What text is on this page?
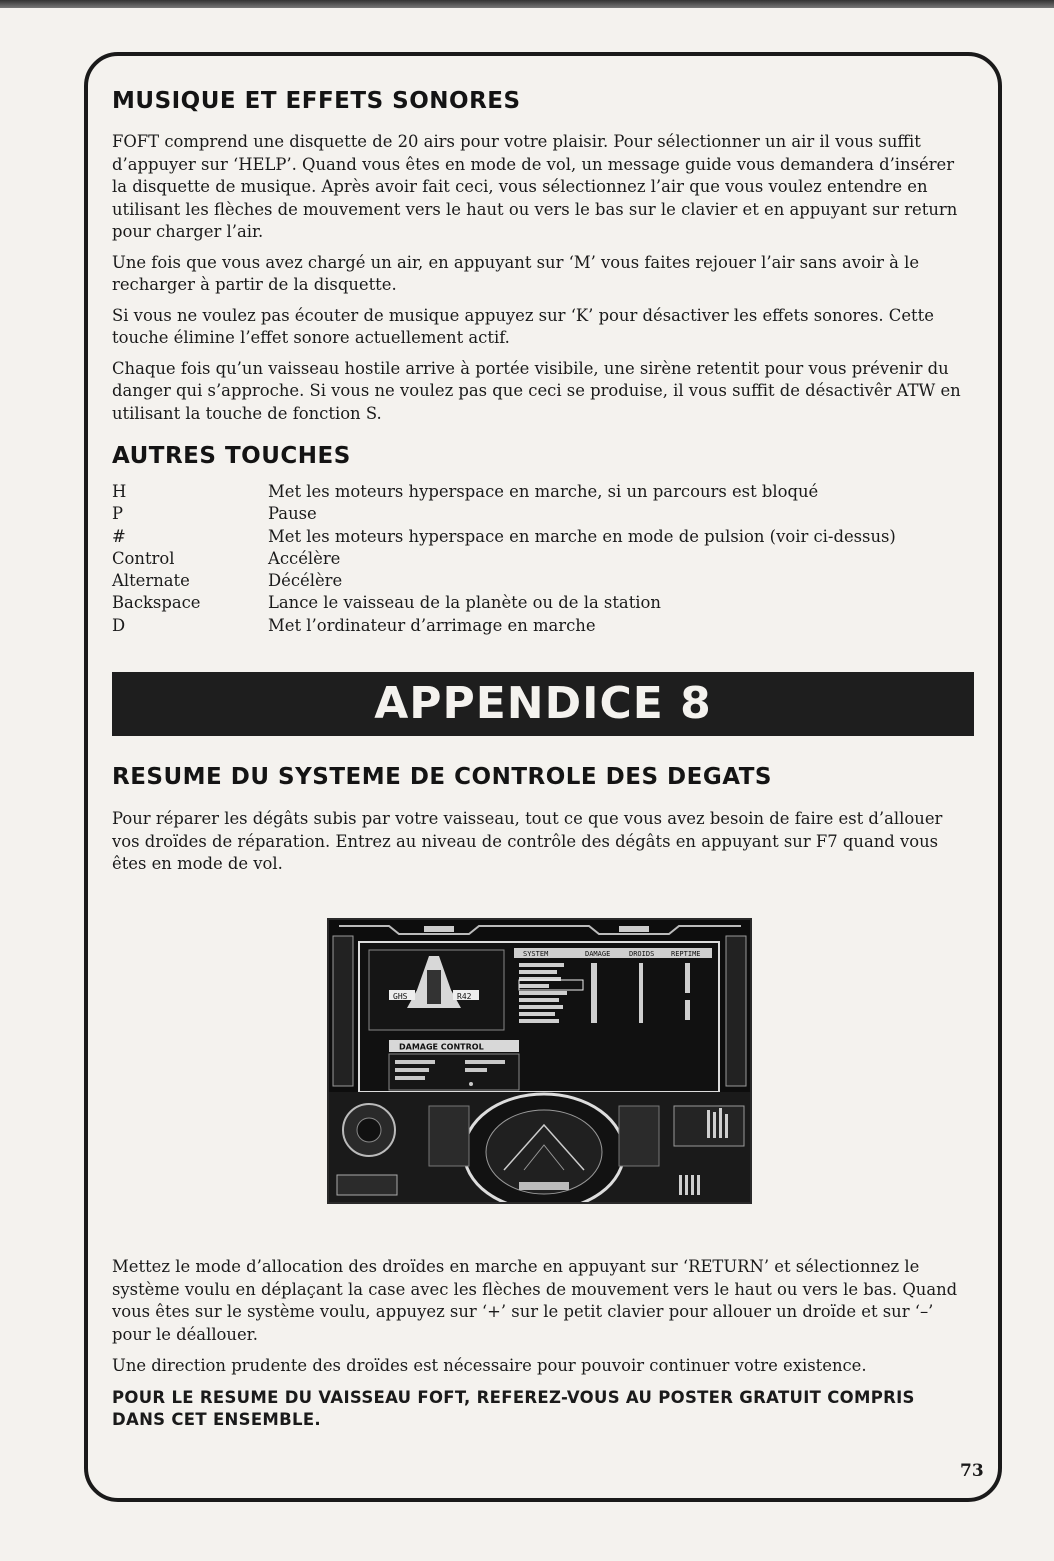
MUSIQUE ET EFFETS SONORES

FOFT comprend une disquette de 20 airs pour votre plaisir. Pour sélectionner un air il vous suffit d’appuyer sur ‘HELP’. Quand vous êtes en mode de vol, un message guide vous demandera d’insérer la disquette de musique. Après avoir fait ceci, vous sélectionnez l’air que vous voulez entendre en utilisant les flèches de mouvement vers le haut ou vers le bas sur le clavier et en appuyant sur return pour charger l’air.

Une fois que vous avez chargé un air, en appuyant sur ‘M’ vous faites rejouer l’air sans avoir à le recharger à partir de la disquette.

Si vous ne voulez pas écouter de musique appuyez sur ‘K’ pour désactiver les effets sonores. Cette touche élimine l’effet sonore actuellement actif.

Chaque fois qu’un vaisseau hostile arrive à portée visibile, une sirène retentit pour vous prévenir du danger qui s’approche. Si vous ne voulez pas que ceci se produise, il vous suffit de désactivêr ATW en utilisant la touche de fonction S.

AUTRES TOUCHES
H	Met les moteurs hyperspace en marche, si un parcours est bloqué
P	Pause
#	Met les moteurs hyperspace en marche en mode de pulsion (voir ci-dessus)
Control	Accélère
Alternate	Décélère
Backspace	Lance le vaisseau de la planète ou de la station
D	Met l’ordinateur d’arrimage en marche
APPENDICE 8
RESUME DU SYSTEME DE CONTROLE DES DEGATS

Pour réparer les dégâts subis par votre vaisseau, tout ce que vous avez besoin de faire est d’allouer vos droïdes de réparation. Entrez au niveau de contrôle des dégâts en appuyant sur F7 quand vous êtes en mode de vol.

GHS	R42
SYSTEM	DAMAGE	DROIDS REPTIME
DAMAGE CONTROL

Mettez le mode d’allocation des droïdes en marche en appuyant sur ‘RETURN’ et sélectionnez le système voulu en déplaçant la case avec les flèches de mouvement vers le haut ou vers le bas. Quand vous êtes sur le système voulu, appuyez sur ‘+’ sur le petit clavier pour allouer un droïde et sur ‘–’ pour le déallouer.

Une direction prudente des droïdes est nécessaire pour pouvoir continuer votre existence.

POUR LE RESUME DU VAISSEAU FOFT, REFEREZ-VOUS AU POSTER GRATUIT COMPRIS DANS CET ENSEMBLE.

73
